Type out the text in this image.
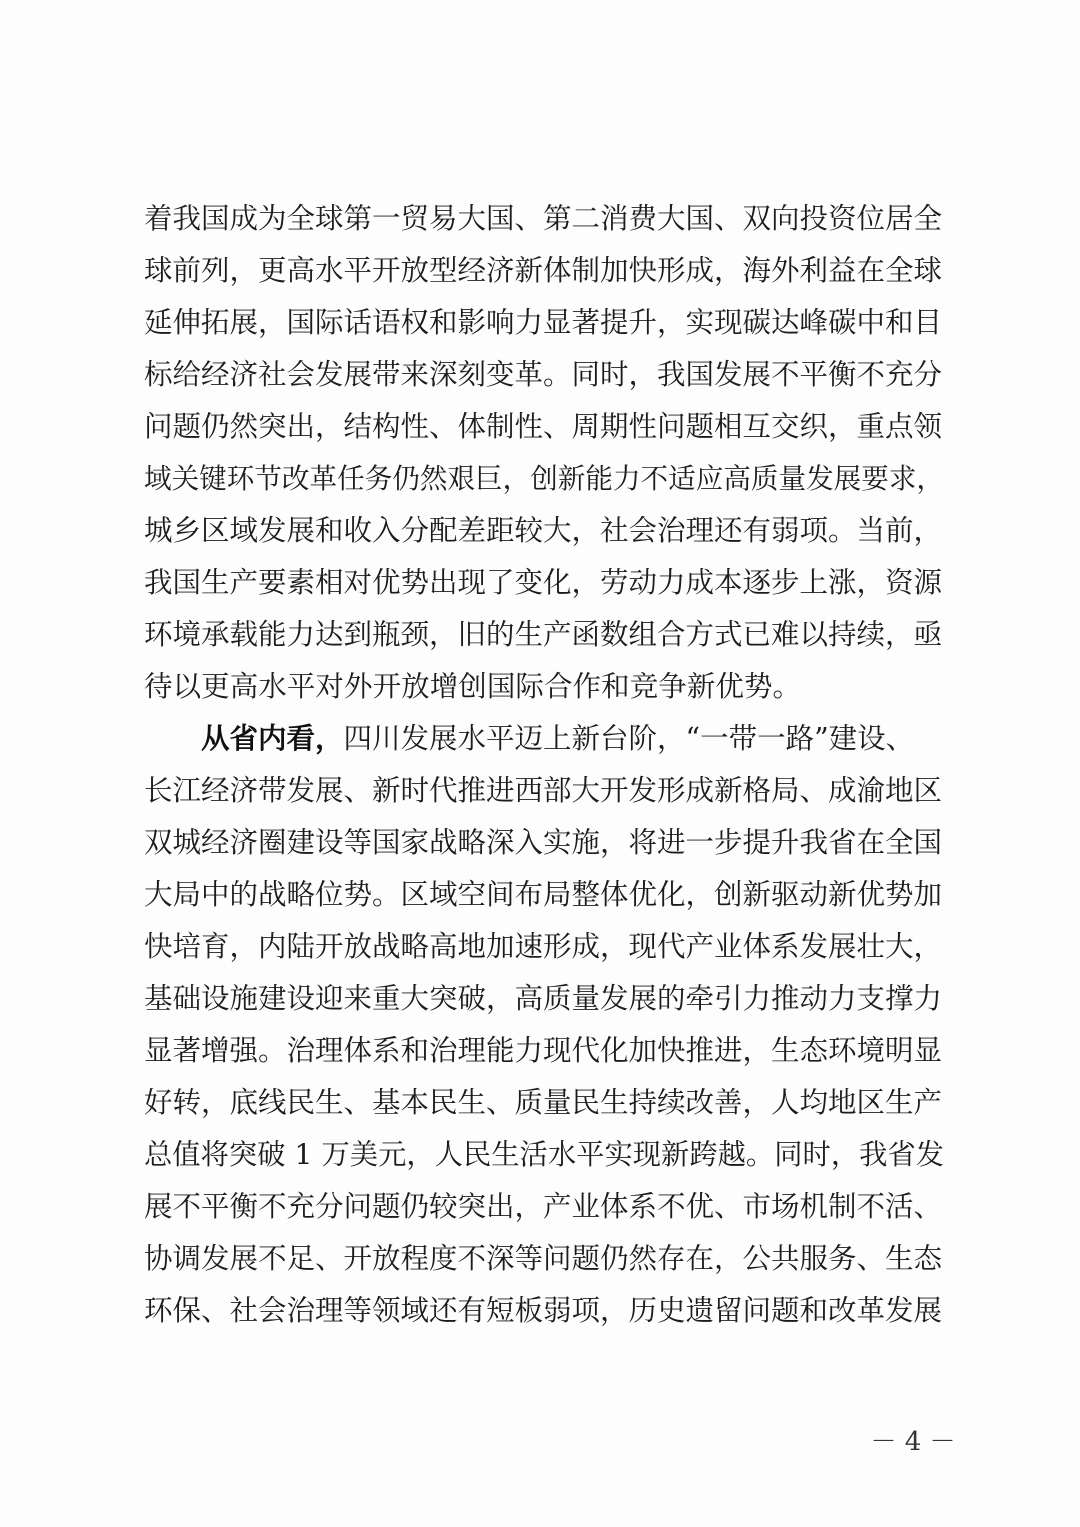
着我国成为全球第一贸易大国、第二消费大国、双向投资位居全
球前列，更高水平开放型经济新体制加快形成，海外利益在全球
延伸拓展，国际话语权和影响力显著提升，实现碳达峰碳中和目
标给经济社会发展带来深刻变革。同时，我国发展不平衡不充分
问题仍然突出，结构性、体制性、周期性问题相互交织，重点领
域关键环节改革任务仍然艰巨，创新能力不适应高质量发展要求，
城乡区域发展和收入分配差距较大，社会治理还有弱项。当前，
我国生产要素相对优势出现了变化，劳动力成本逐步上涨，资源
环境承载能力达到瓶颈，旧的生产函数组合方式已难以持续，亟
待以更高水平对外开放增创国际合作和竞争新优势。
从省内看，四川发展水平迈上新台阶，“一带一路”建设、
长江经济带发展、新时代推进西部大开发形成新格局、成渝地区
双城经济圈建设等国家战略深入实施，将进一步提升我省在全国
大局中的战略位势。区域空间布局整体优化，创新驱动新优势加
快培育，内陆开放战略高地加速形成，现代产业体系发展壮大，
基础设施建设迎来重大突破，高质量发展的牵引力推动力支撑力
显著增强。治理体系和治理能力现代化加快推进，生态环境明显
好转，底线民生、基本民生、质量民生持续改善，人均地区生产
总值将突破 1 万美元，人民生活水平实现新跨越。同时，我省发
展不平衡不充分问题仍较突出，产业体系不优、市场机制不活、
协调发展不足、开放程度不深等问题仍然存在，公共服务、生态
环保、社会治理等领域还有短板弱项，历史遗留问题和改革发展
－ 4 －
